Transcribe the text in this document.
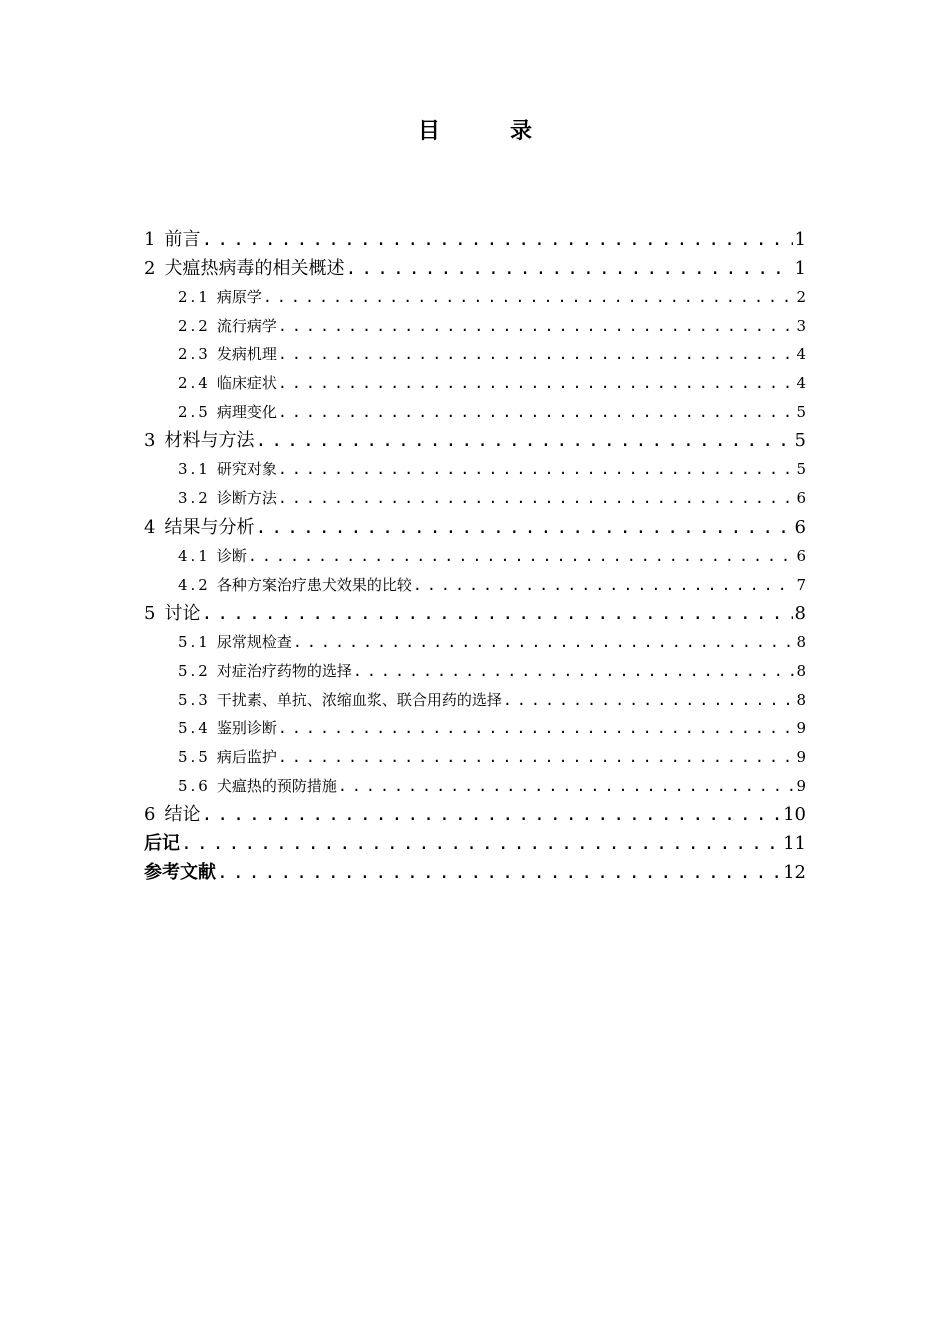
目　录
1 前言 .....	1
2 犬瘟热病毒的相关概述 .....	1
2.1 病原学 .....	2
2.2 流行病学 .....	3
2.3 发病机理 .....	4
2.4 临床症状 .....	4
2.5 病理变化 .....	5
3 材料与方法 .....	5
3.1 研究对象 .....	5
3.2 诊断方法 .....	6
4 结果与分析 .....	6
4.1 诊断 .....	6
4.2 各种方案治疗患犬效果的比较 .....	7
5 讨论 .....	8
5.1 尿常规检查 .....	8
5.2 对症治疗药物的选择 .....	8
5.3 干扰素、单抗、浓缩血浆、联合用药的选择 .....	8
5.4 鉴别诊断 .....	9
5.5 病后监护 .....	9
5.6 犬瘟热的预防措施 .....	9
6 结论 .....	10
后记 .....	11
参考文献 .....	12
